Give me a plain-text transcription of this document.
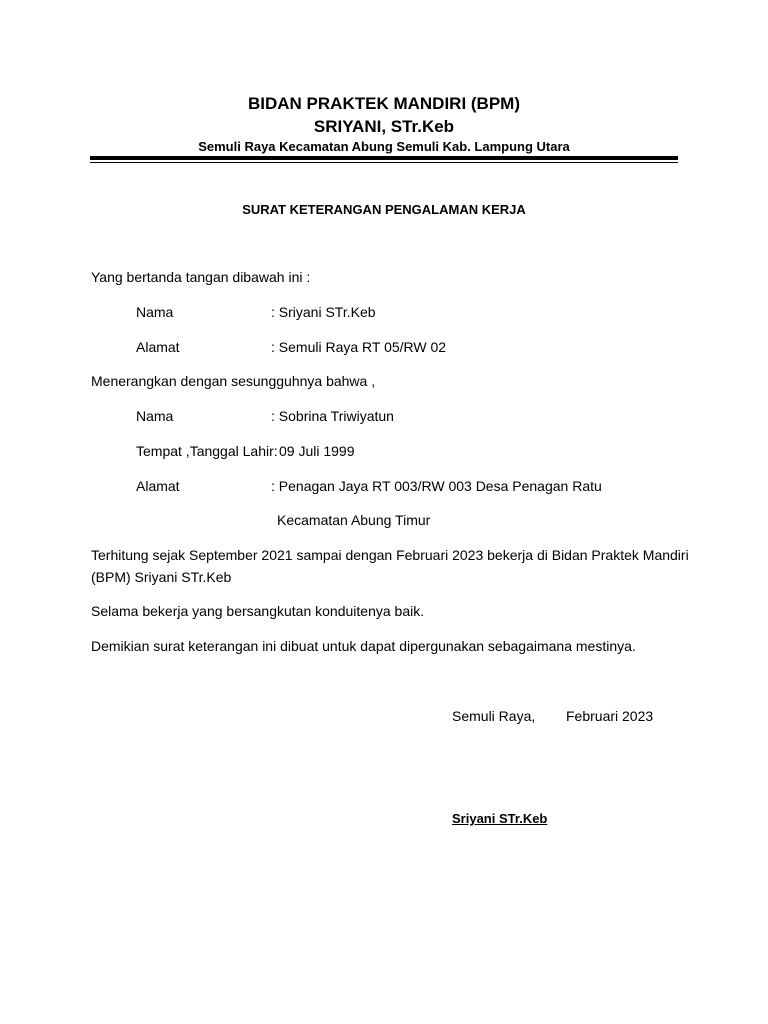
BIDAN PRAKTEK MANDIRI (BPM)
SRIYANI, STr.Keb
Semuli Raya Kecamatan Abung Semuli Kab. Lampung Utara
SURAT KETERANGAN PENGALAMAN KERJA
Yang bertanda tangan dibawah ini :
Nama	: Sriyani STr.Keb
Alamat	: Semuli Raya RT 05/RW 02
Menerangkan dengan sesungguhnya bahwa ,
Nama	: Sobrina Triwiyatun
Tempat ,Tanggal Lahir: 09 Juli 1999
Alamat	: Penagan Jaya RT 003/RW 003 Desa Penagan Ratu
Kecamatan Abung Timur
Terhitung sejak September 2021 sampai dengan Februari 2023 bekerja di Bidan Praktek Mandiri
(BPM) Sriyani STr.Keb
Selama bekerja yang bersangkutan konduitenya baik.
Demikian surat keterangan ini dibuat untuk dapat dipergunakan sebagaimana mestinya.
Semuli Raya, Februari 2023
Sriyani STr.Keb
